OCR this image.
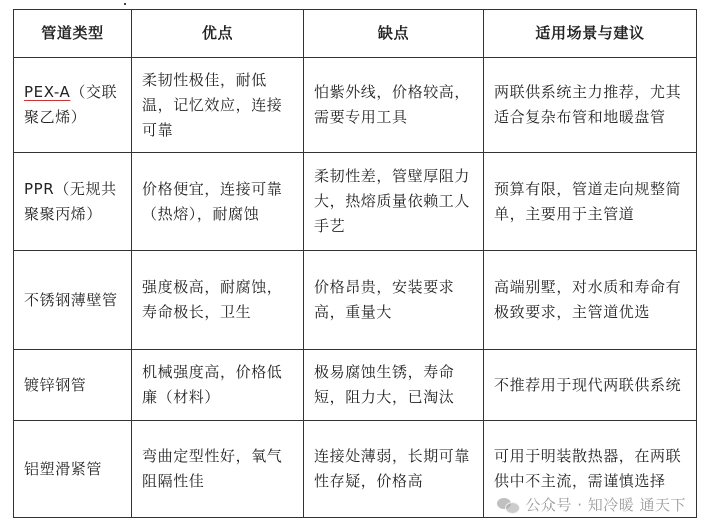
管道类型	优点	缺点	适用场景与建议
PEX-A（交联聚乙烯）	柔韧性极佳，耐低温，记忆效应，连接可靠	怕紫外线，价格较高，需要专用工具	两联供系统主力推荐，尤其适合复杂布管和地暖盘管
PPR（无规共聚聚丙烯）	价格便宜，连接可靠（热熔），耐腐蚀	柔韧性差，管壁厚阻力大，热熔质量依赖工人手艺	预算有限，管道走向规整简单，主要用于主管道
不锈钢薄壁管	强度极高，耐腐蚀，寿命极长，卫生	价格昂贵，安装要求高，重量大	高端别墅，对水质和寿命有极致要求，主管道优选
镀锌钢管	机械强度高，价格低廉（材料）	极易腐蚀生锈，寿命短，阻力大，已淘汰	不推荐用于现代两联供系统
铝塑滑紧管	弯曲定型性好，氧气阻隔性佳	连接处薄弱，长期可靠性存疑，价格高	可用于明装散热器，在两联供中不主流，需谨慎选择
公众号 · 知冷暖 通天下
